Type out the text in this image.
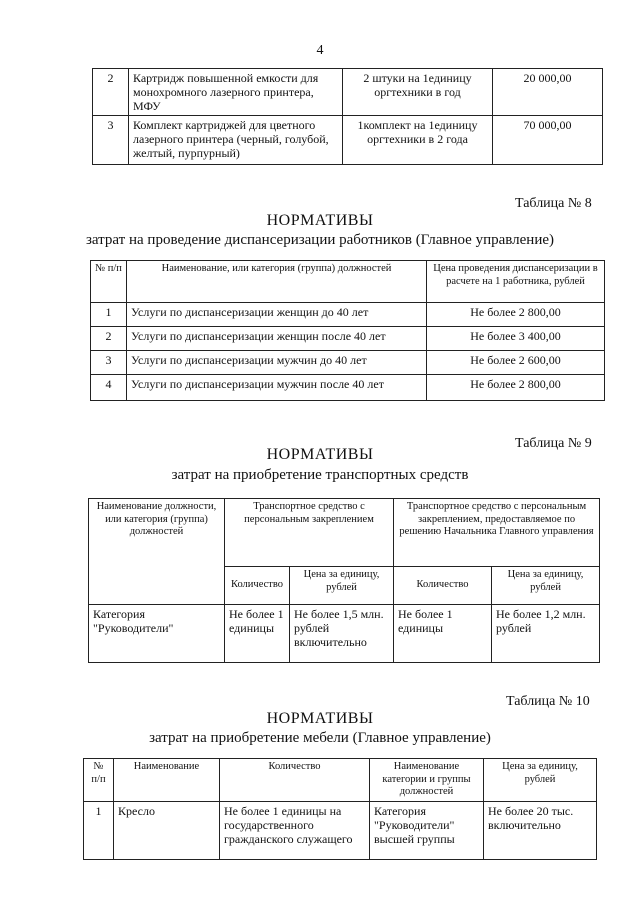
4
2	Картридж повышенной емкости для монохромного лазерного принтера, МФУ	2 штуки на 1единицу оргтехники в год	20 000,00
3	Комплект картриджей для цветного лазерного принтера (черный, голубой, желтый, пурпурный)	1комплект на 1единицу оргтехники в 2 года	70 000,00
Таблица № 8
НОРМАТИВЫ
затрат на проведение диспансеризации работников (Главное управление)
№ п/п	Наименование, или категория (группа) должностей	Цена проведения диспансеризации в расчете на 1 работника, рублей
1	Услуги по диспансеризации женщин до 40 лет	Не более 2 800,00
2	Услуги по диспансеризации женщин после 40 лет	Не более 3 400,00
3	Услуги по диспансеризации мужчин до 40 лет	Не более 2 600,00
4	Услуги по диспансеризации мужчин после 40 лет	Не более 2 800,00
Таблица № 9
НОРМАТИВЫ
затрат на приобретение транспортных средств
Наименование должности, или категория (группа) должностей	Транспортное средство с персональным закреплением		Транспортное средство с персональным закреплением, предоставляемое по решению Начальника Главного управления	
	Количество	Цена за единицу, рублей	Количество	Цена за единицу, рублей
Категория "Руководители"	Не более 1 единицы	Не более 1,5 млн. рублей включительно	Не более 1 единицы	Не более 1,2 млн. рублей
Таблица № 10
НОРМАТИВЫ
затрат на приобретение мебели (Главное управление)
№ п/п	Наименование	Количество	Наименование категории и группы должностей	Цена за единицу, рублей
1	Кресло	Не более 1 единицы на государственного гражданского служащего	Категория "Руководители" высшей группы	Не более 20 тыс. включительно
